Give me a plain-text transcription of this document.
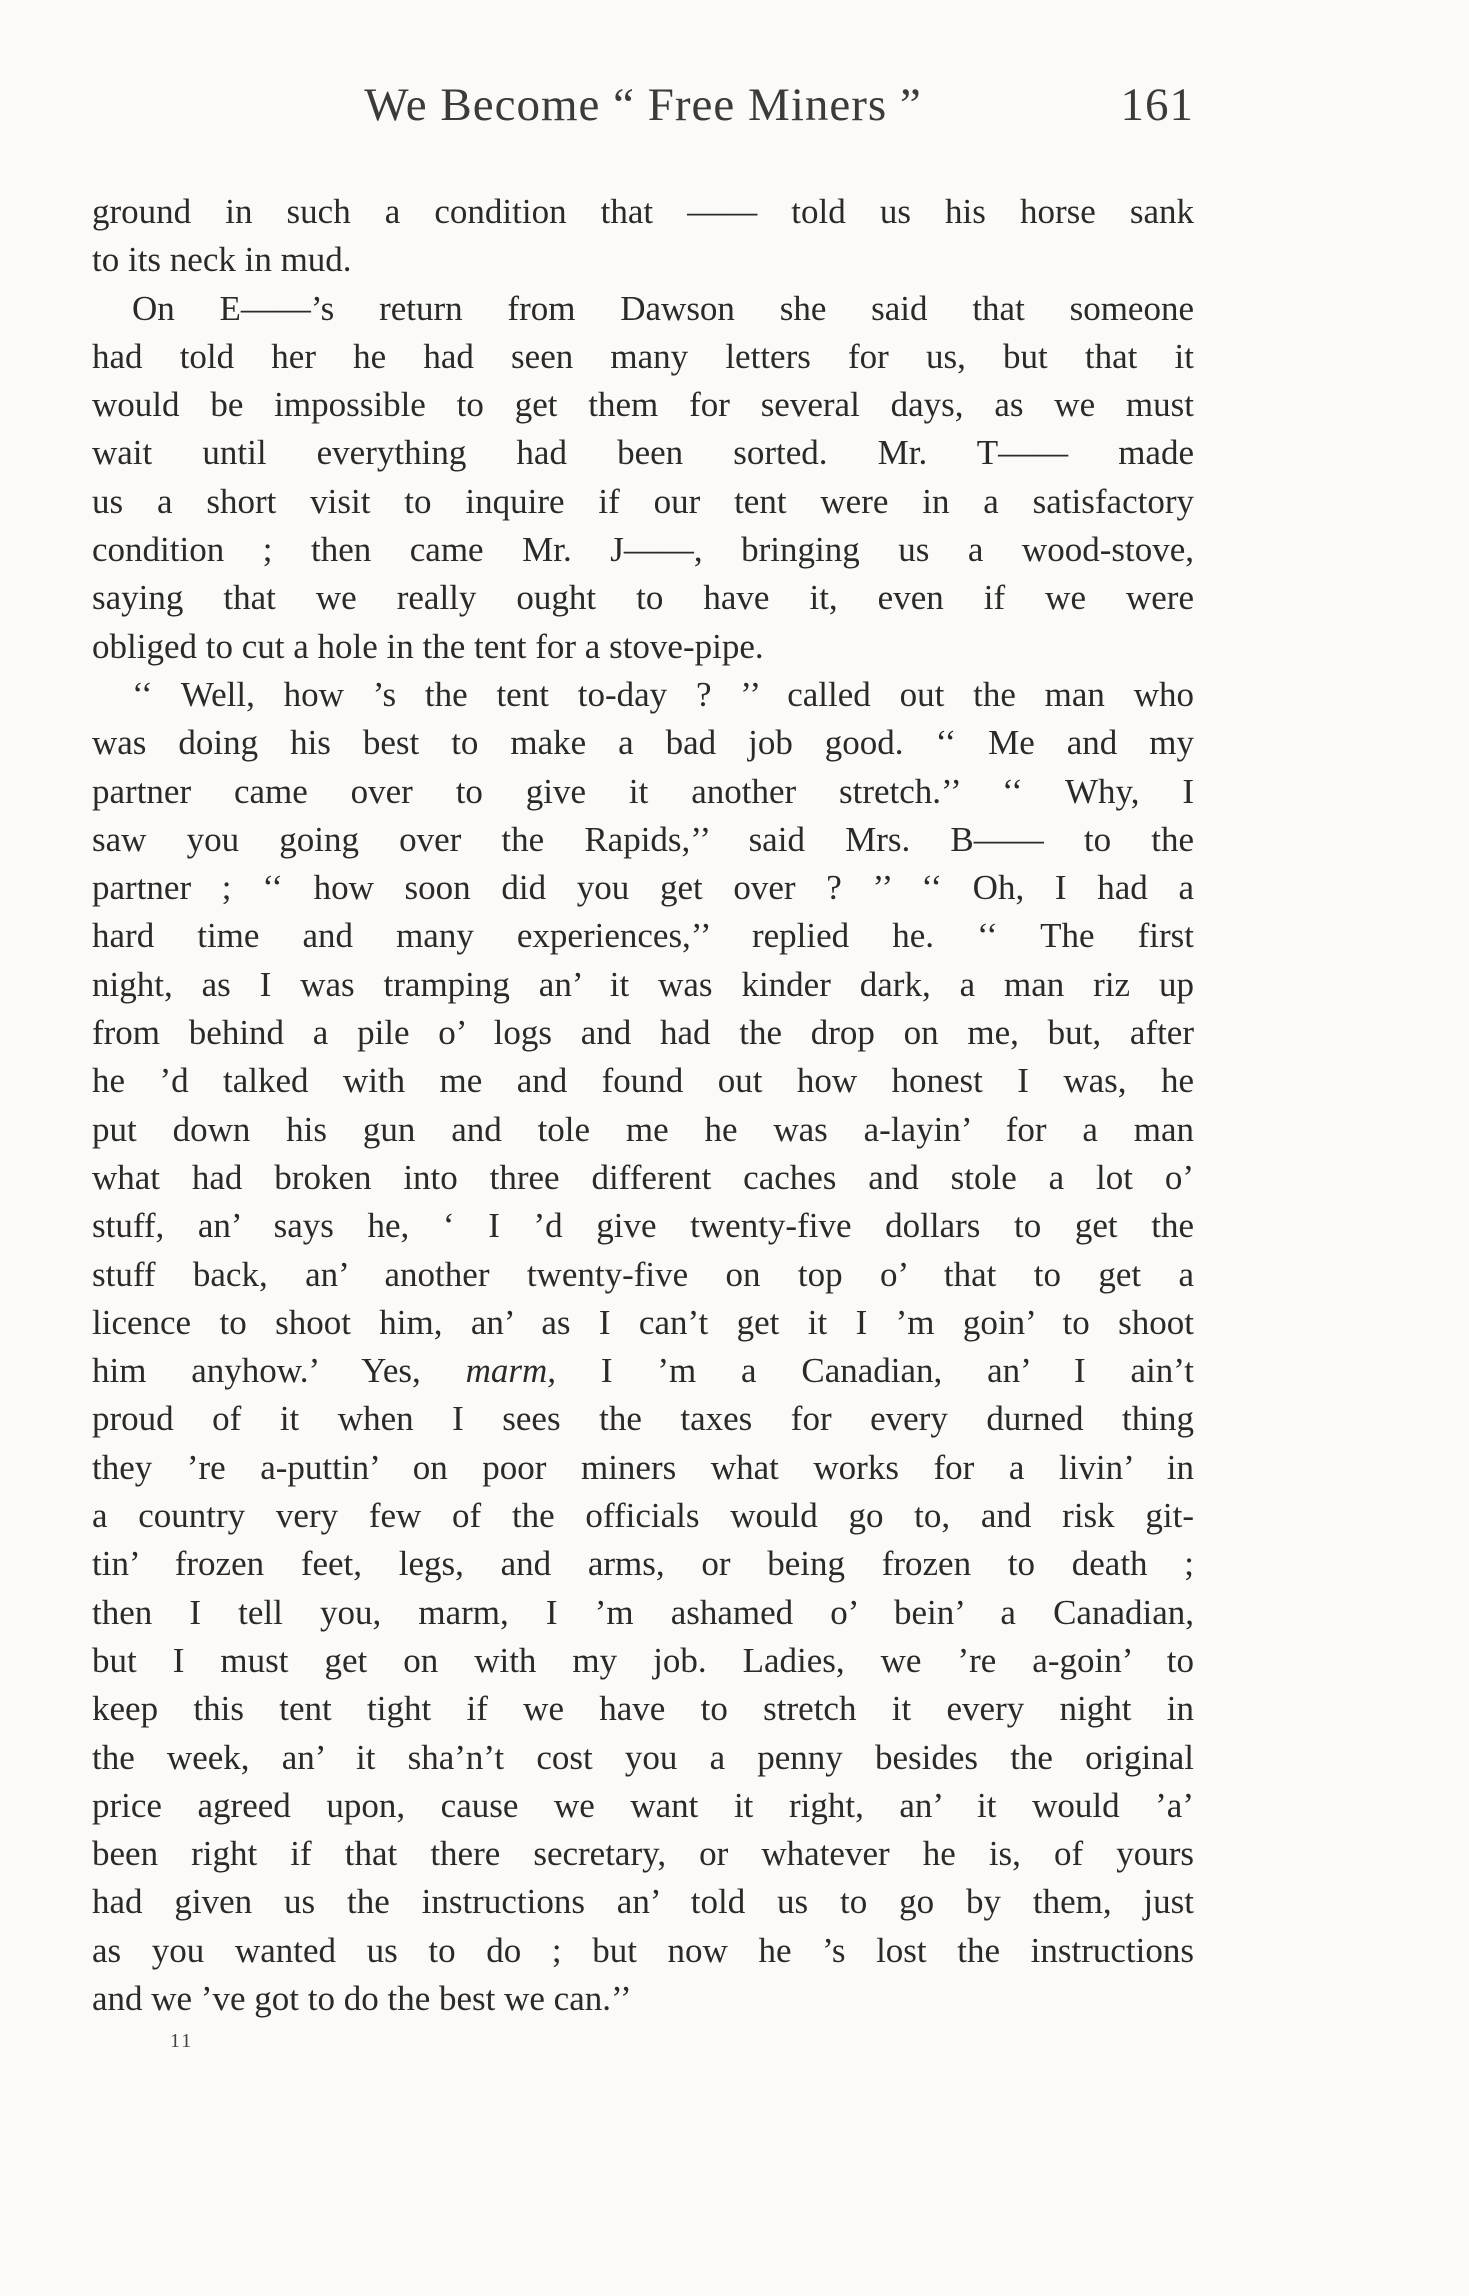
We Become “ Free Miners ”	161
ground in such a condition that —— told us his horse sank
to its neck in mud.
On E——’s return from Dawson she said that someone
had told her he had seen many letters for us, but that it
would be impossible to get them for several days, as we must
wait until everything had been sorted. Mr. T—— made
us a short visit to inquire if our tent were in a satisfactory
condition ; then came Mr. J——, bringing us a wood-stove,
saying that we really ought to have it, even if we were
obliged to cut a hole in the tent for a stove-pipe.
‘‘ Well, how ’s the tent to-day ? ’’ called out the man who
was doing his best to make a bad job good. ‘‘ Me and my
partner came over to give it another stretch.’’ ‘‘ Why, I
saw you going over the Rapids,’’ said Mrs. B—— to the
partner ; ‘‘ how soon did you get over ? ’’ ‘‘ Oh, I had a
hard time and many experiences,’’ replied he. ‘‘ The first
night, as I was tramping an’ it was kinder dark, a man riz up
from behind a pile o’ logs and had the drop on me, but, after
he ’d talked with me and found out how honest I was, he
put down his gun and tole me he was a-layin’ for a man
what had broken into three different caches and stole a lot o’
stuff, an’ says he, ‘ I ’d give twenty-five dollars to get the
stuff back, an’ another twenty-five on top o’ that to get a
licence to shoot him, an’ as I can’t get it I ’m goin’ to shoot
him anyhow.’ Yes, marm, I ’m a Canadian, an’ I ain’t
proud of it when I sees the taxes for every durned thing
they ’re a-puttin’ on poor miners what works for a livin’ in
a country very few of the officials would go to, and risk git-
tin’ frozen feet, legs, and arms, or being frozen to death ;
then I tell you, marm, I ’m ashamed o’ bein’ a Canadian,
but I must get on with my job. Ladies, we ’re a-goin’ to
keep this tent tight if we have to stretch it every night in
the week, an’ it sha’n’t cost you a penny besides the original
price agreed upon, cause we want it right, an’ it would ’a’
been right if that there secretary, or whatever he is, of yours
had given us the instructions an’ told us to go by them, just
as you wanted us to do ; but now he ’s lost the instructions
and we ’ve got to do the best we can.’’
11
